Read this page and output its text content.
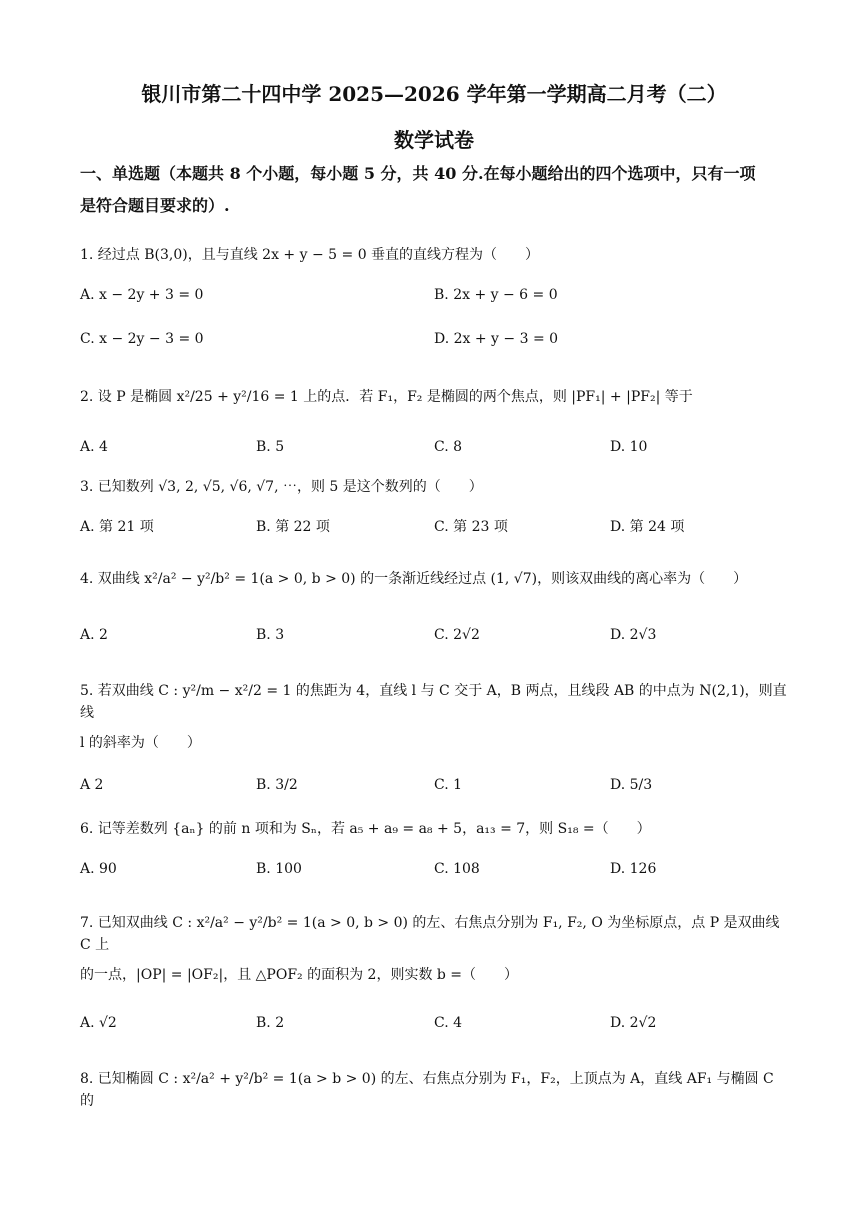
银川市第二十四中学 2025—2026 学年第一学期高二月考（二）
数学试卷
一、单选题（本题共 8 个小题，每小题 5 分，共 40 分.在每小题给出的四个选项中，只有一项
是符合题目要求的）.
1. 经过点 B(3,0)，且与直线 2x + y − 5 = 0 垂直的直线方程为（　　）
A. x − 2y + 3 = 0	B. 2x + y − 6 = 0
C. x − 2y − 3 = 0	D. 2x + y − 3 = 0
2. 设 P 是椭圆 x²/25 + y²/16 = 1 上的点．若 F₁，F₂ 是椭圆的两个焦点，则 |PF₁| + |PF₂| 等于
A. 4	B. 5	C. 8	D. 10
3. 已知数列 √3, 2, √5, √6, √7, ⋯，则 5 是这个数列的（　　）
A. 第 21 项	B. 第 22 项	C. 第 23 项	D. 第 24 项
4. 双曲线 x²/a² − y²/b² = 1(a > 0, b > 0) 的一条渐近线经过点 (1, √7)，则该双曲线的离心率为（　　）
A. 2	B. 3	C. 2√2	D. 2√3
5. 若双曲线 C : y²/m − x²/2 = 1 的焦距为 4，直线 l 与 C 交于 A，B 两点，且线段 AB 的中点为 N(2,1)，则直线
l 的斜率为（　　）
A 2	B. 3/2	C. 1	D. 5/3
6. 记等差数列 {aₙ} 的前 n 项和为 Sₙ，若 a₅ + a₉ = a₈ + 5，a₁₃ = 7，则 S₁₈ =（　　）
A. 90	B. 100	C. 108	D. 126
7. 已知双曲线 C : x²/a² − y²/b² = 1(a > 0, b > 0) 的左、右焦点分别为 F₁, F₂, O 为坐标原点，点 P 是双曲线 C 上
的一点，|OP| = |OF₂|，且 △POF₂ 的面积为 2，则实数 b =（　　）
A. √2	B. 2	C. 4	D. 2√2
8. 已知椭圆 C : x²/a² + y²/b² = 1(a > b > 0) 的左、右焦点分别为 F₁，F₂，上顶点为 A，直线 AF₁ 与椭圆 C 的
